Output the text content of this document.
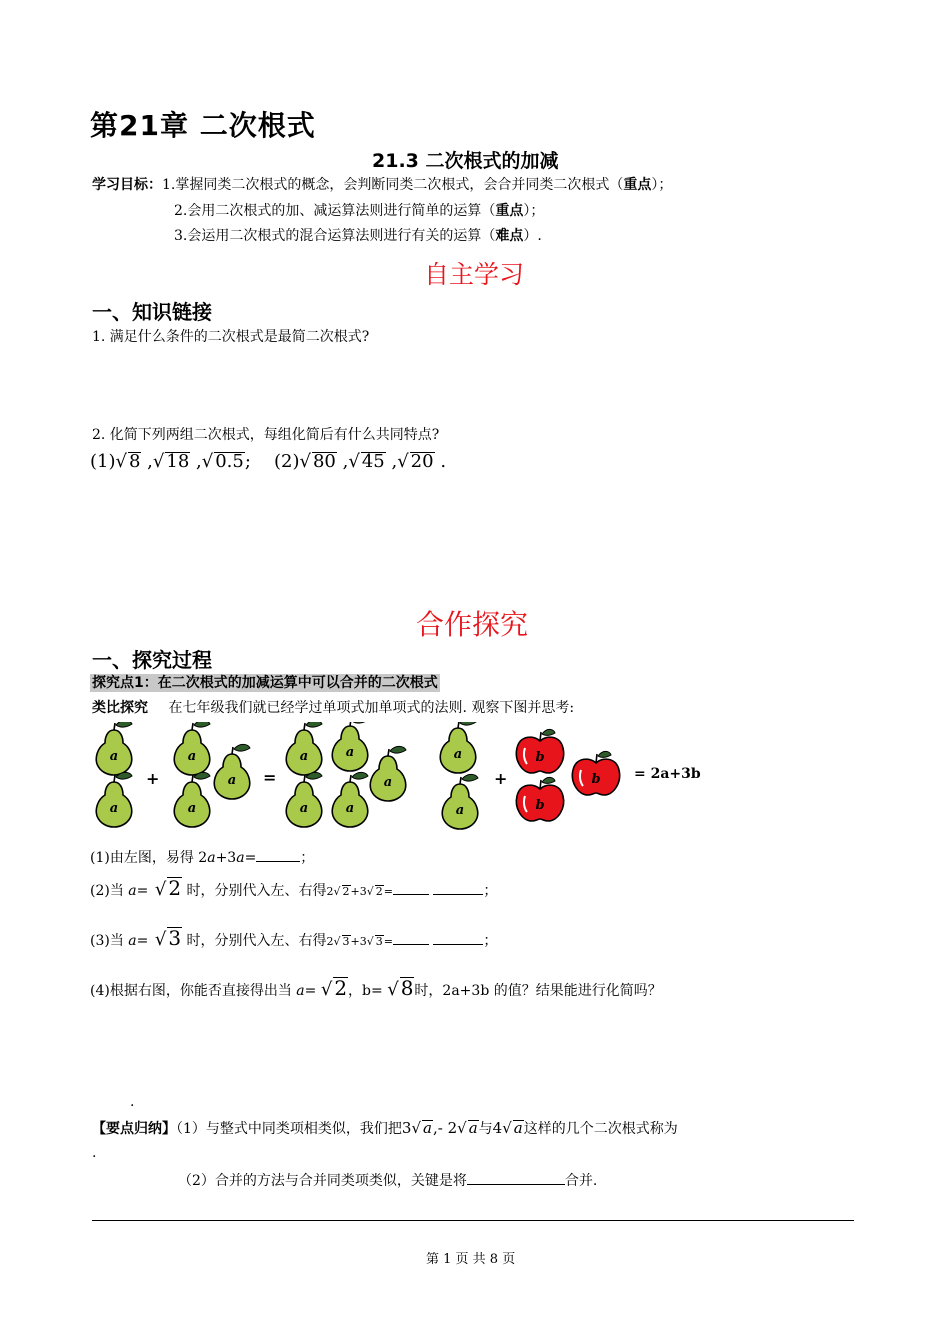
第21章 二次根式
21.3 二次根式的加减
学习目标：1.掌握同类二次根式的概念，会判断同类二次根式，会合并同类二次根式（重点）；
2.会用二次根式的加、减运算法则进行简单的运算（重点）；
3.会运用二次根式的混合运算法则进行有关的运算（难点）.
自主学习
一、知识链接
1. 满足什么条件的二次根式是最简二次根式?
2. 化简下列两组二次根式，每组化简后有什么共同特点?
(1)√ 8 ,√ 18 ,√ 0.5; (2)√ 80 ,√ 45 ,√ 20 .
合作探究
一、探究过程
探究点1：在二次根式的加减运算中可以合并的二次根式
类比探究 在七年级我们就已经学过单项式加单项式的法则. 观察下图并思考:
a
a
a
a
a
a
a
a
a
a
a
a
b
b
b
+	=	+	= 2a+3b
(1)由左图，易得 2a+3a=	；
(2)当 a= √ 2 时，分别代入左、右得2√ 2+3√ 2=	；
(3)当 a= √ 3 时，分别代入左、右得2√ 3+3√ 3=	；
(4)根据右图，你能否直接得出当 a= √ 2，b= √ 8时，2a+3b 的值？结果能进行化简吗？
.
【要点归纳】（1）与整式中同类项相类似，我们把3√ a,- 2√ a与4√ a这样的几个二次根式称为
.
（2）合并的方法与合并同类项类似，关键是将	合并.
第 1 页 共 8 页
